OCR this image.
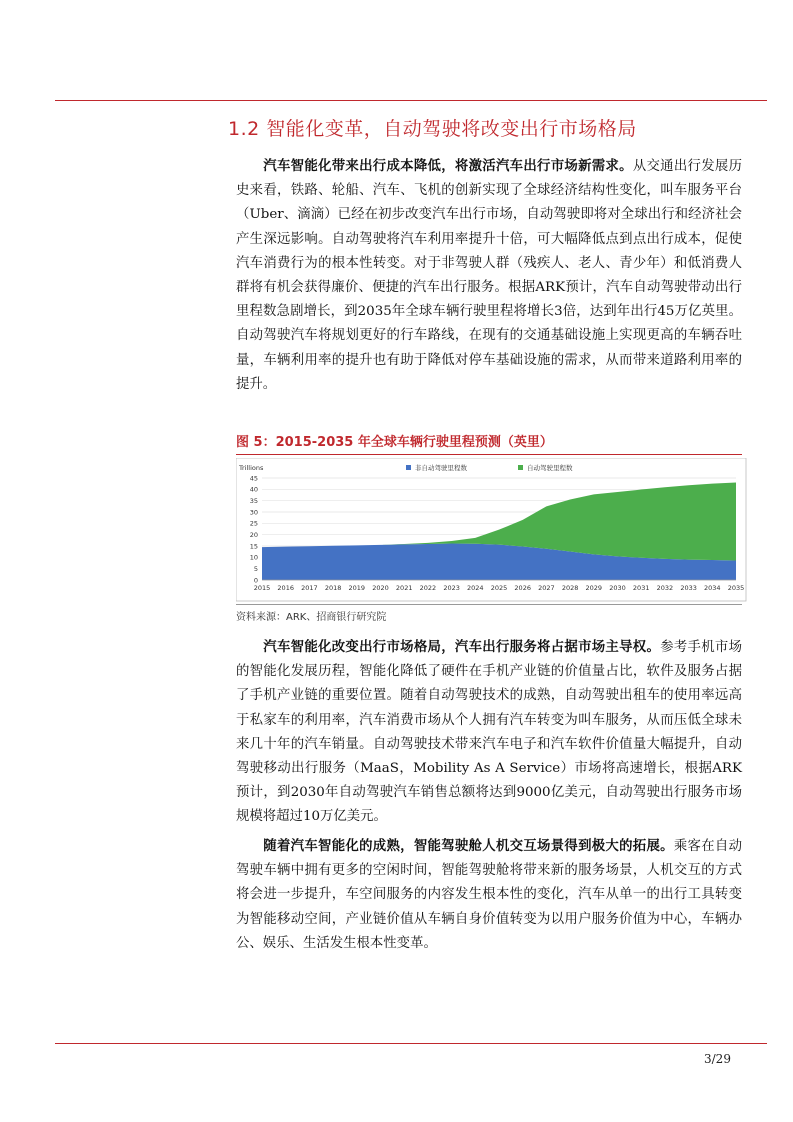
1.2 智能化变革，自动驾驶将改变出行市场格局

汽车智能化带来出行成本降低，将激活汽车出行市场新需求。从交通出行发展历史来看，铁路、轮船、汽车、飞机的创新实现了全球经济结构性变化，叫车服务平台（Uber、滴滴）已经在初步改变汽车出行市场，自动驾驶即将对全球出行和经济社会产生深远影响。自动驾驶将汽车利用率提升十倍，可大幅降低点到点出行成本，促使汽车消费行为的根本性转变。对于非驾驶人群（残疾人、老人、青少年）和低消费人群将有机会获得廉价、便捷的汽车出行服务。根据ARK预计，汽车自动驾驶带动出行里程数急剧增长，到2035年全球车辆行驶里程将增长3倍，达到年出行45万亿英里。自动驾驶汽车将规划更好的行车路线，在现有的交通基础设施上实现更高的车辆吞吐量，车辆利用率的提升也有助于降低对停车基础设施的需求，从而带来道路利用率的提升。

图 5：2015-2035 年全球车辆行驶里程预测（英里）
非自动驾驶里程数	自动驾驶里程数
Trillions
0
5
10
15
20
25
30
35
40
45
2015 2016 2017 2018 2019 2020 2021 2022 2023 2024 2025 2026 2027 2028 2029 2030 2031 2032 2033 2034 2035
资料来源：ARK、招商银行研究院

汽车智能化改变出行市场格局，汽车出行服务将占据市场主导权。参考手机市场的智能化发展历程，智能化降低了硬件在手机产业链的价值量占比，软件及服务占据了手机产业链的重要位置。随着自动驾驶技术的成熟，自动驾驶出租车的使用率远高于私家车的利用率，汽车消费市场从个人拥有汽车转变为叫车服务，从而压低全球未来几十年的汽车销量。自动驾驶技术带来汽车电子和汽车软件价值量大幅提升，自动驾驶移动出行服务（MaaS，Mobility As A Service）市场将高速增长，根据ARK预计，到2030年自动驾驶汽车销售总额将达到9000亿美元，自动驾驶出行服务市场规模将超过10万亿美元。

随着汽车智能化的成熟，智能驾驶舱人机交互场景得到极大的拓展。乘客在自动驾驶车辆中拥有更多的空闲时间，智能驾驶舱将带来新的服务场景，人机交互的方式将会进一步提升，车空间服务的内容发生根本性的变化，汽车从单一的出行工具转变为智能移动空间，产业链价值从车辆自身价值转变为以用户服务价值为中心，车辆办公、娱乐、生活发生根本性变革。

3/29
